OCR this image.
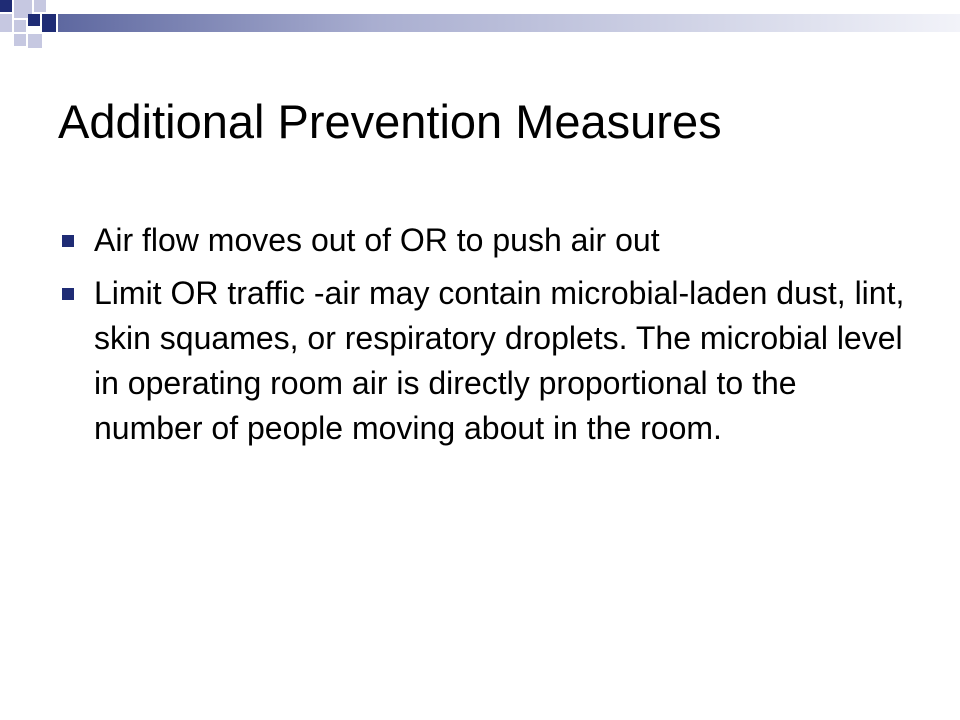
Additional Prevention Measures
Air flow moves out of OR to push air out
Limit OR traffic -air may contain microbial-laden dust, lint, skin squames, or respiratory droplets. The microbial level in operating room air is directly proportional to the number of people moving about in the room.
